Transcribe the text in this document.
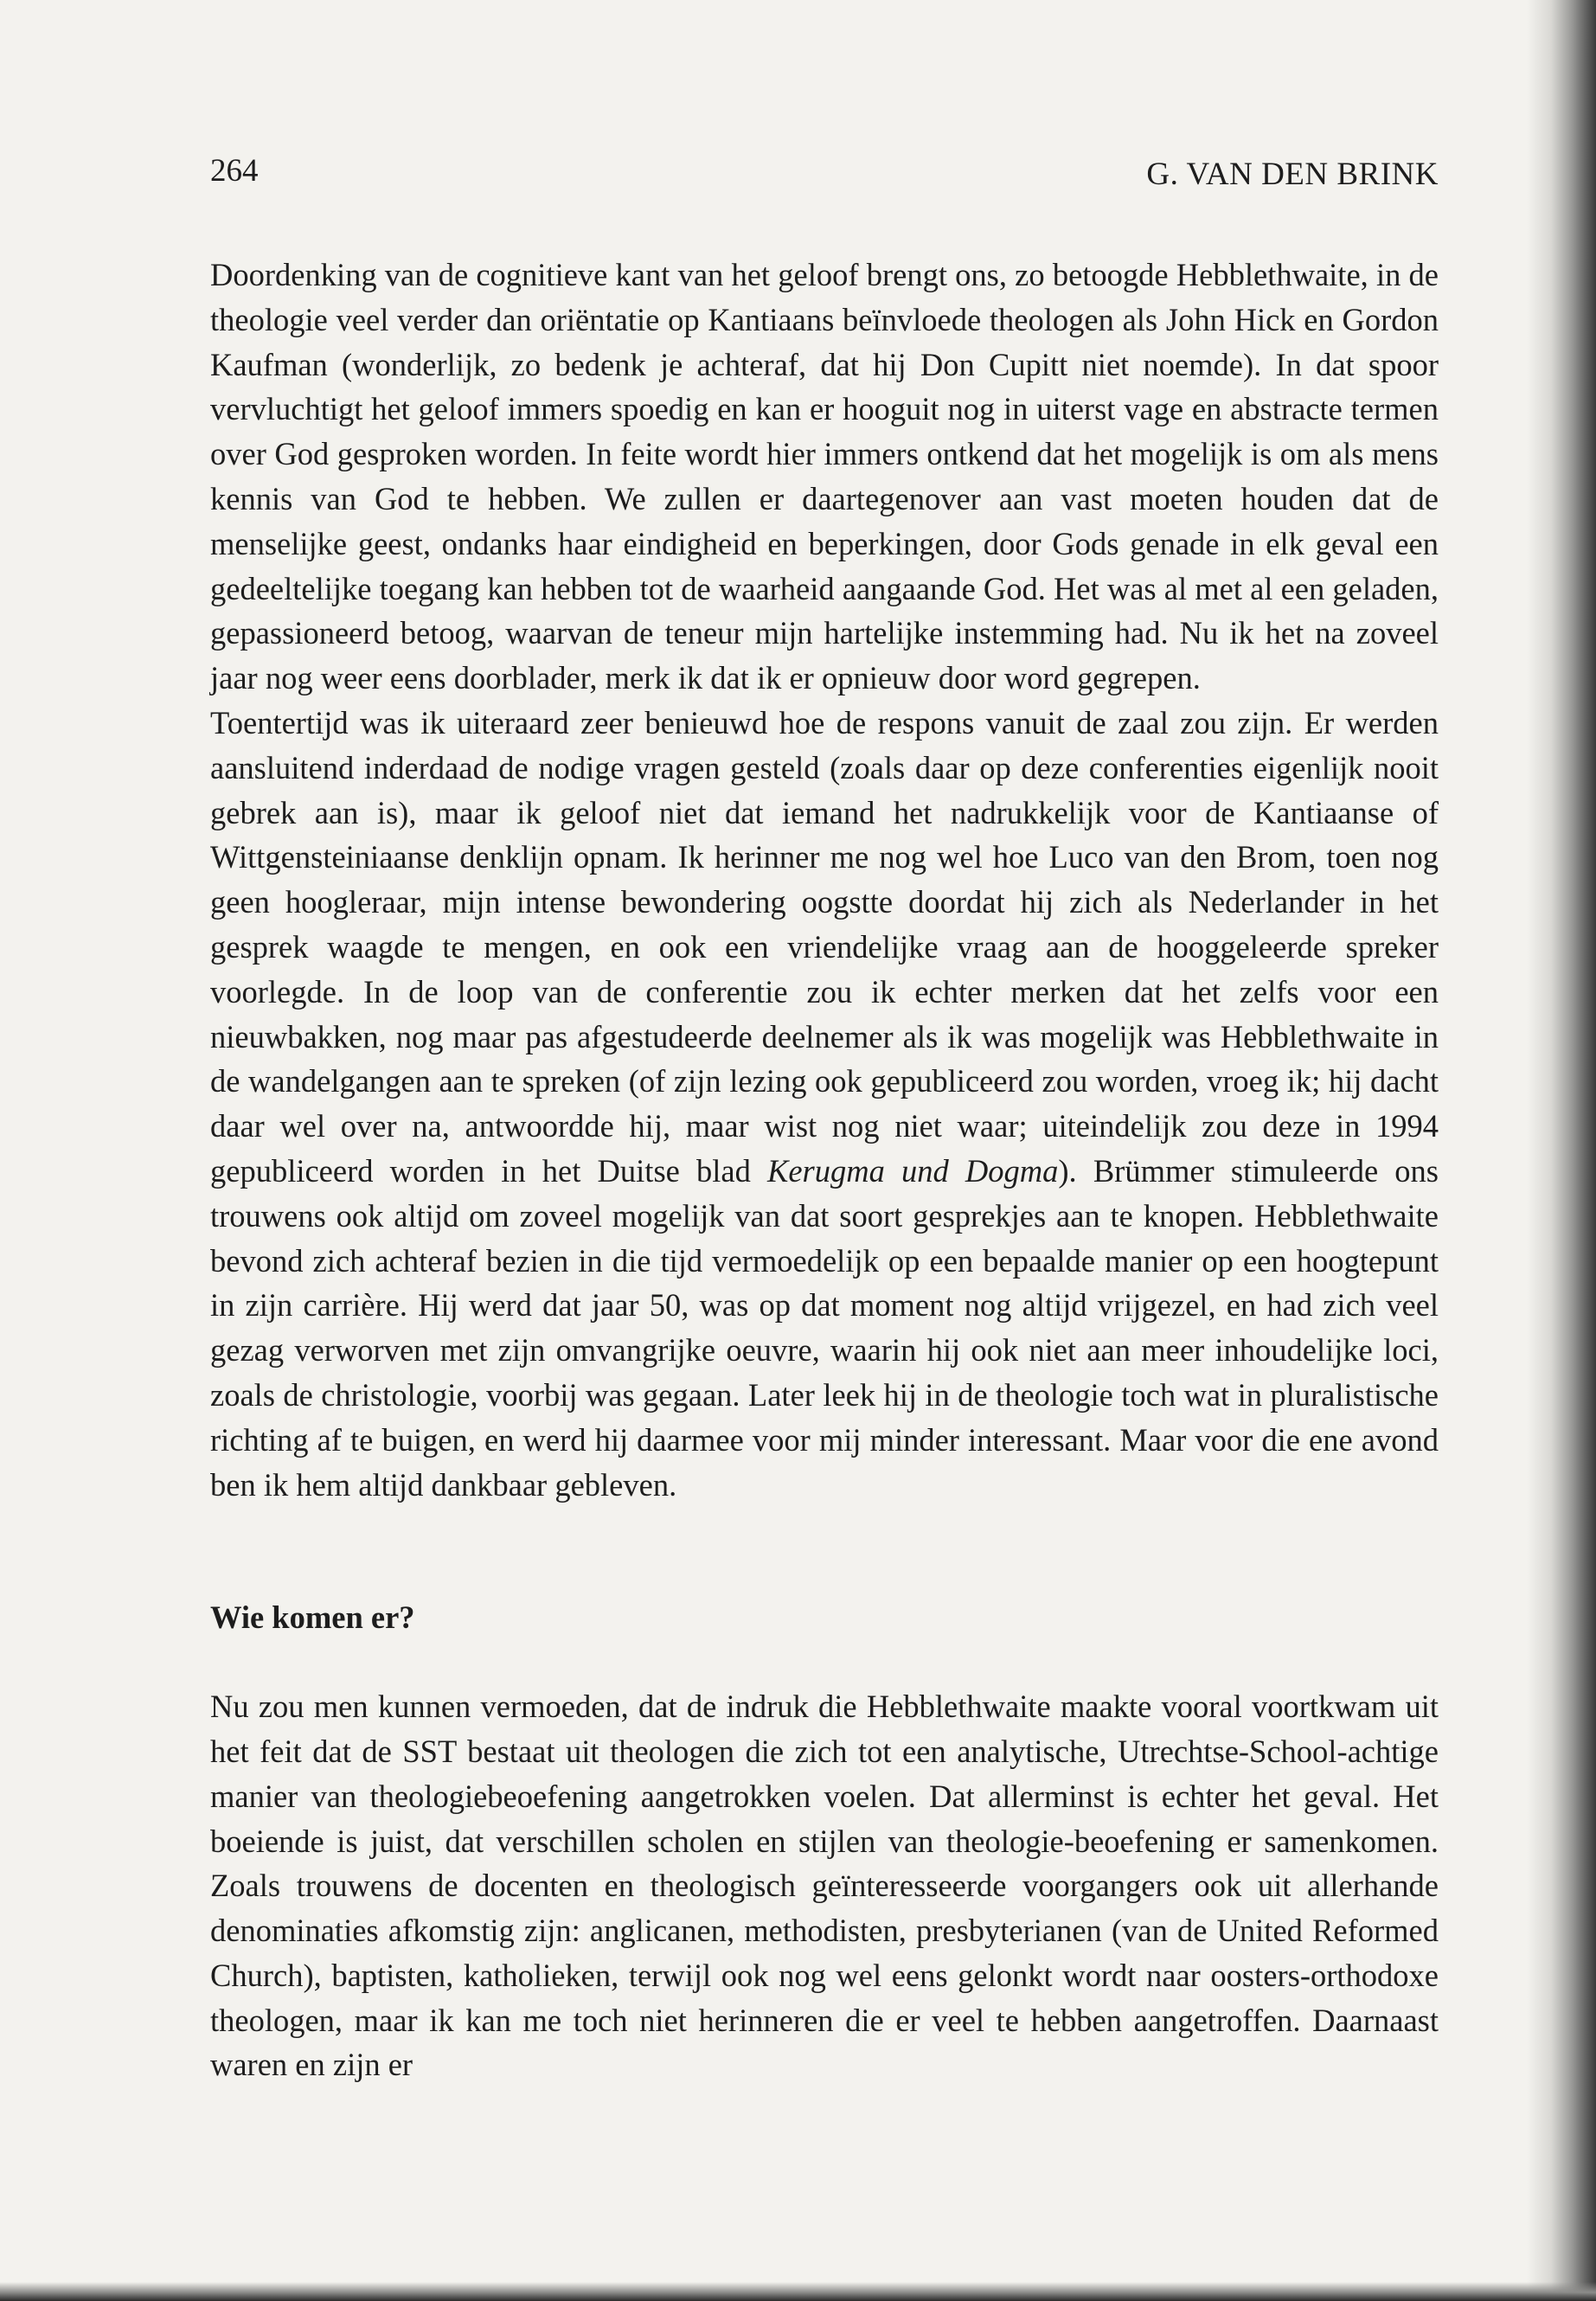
264	G. VAN DEN BRINK

Doordenking van de cognitieve kant van het geloof brengt ons, zo betoogde Hebblethwaite, in de theologie veel verder dan oriëntatie op Kantiaans beïnvloede theologen als John Hick en Gordon Kaufman (wonderlijk, zo bedenk je achteraf, dat hij Don Cupitt niet noemde). In dat spoor vervluchtigt het geloof immers spoedig en kan er hooguit nog in uiterst vage en abstracte termen over God gesproken worden. In feite wordt hier immers ontkend dat het mogelijk is om als mens kennis van God te hebben. We zullen er daartegenover aan vast moeten houden dat de menselijke geest, ondanks haar eindigheid en beperkingen, door Gods genade in elk geval een gedeeltelijke toegang kan hebben tot de waarheid aangaande God. Het was al met al een geladen, gepassioneerd betoog, waarvan de teneur mijn hartelijke instemming had. Nu ik het na zoveel jaar nog weer eens doorblader, merk ik dat ik er opnieuw door word gegrepen.

Toentertijd was ik uiteraard zeer benieuwd hoe de respons vanuit de zaal zou zijn. Er werden aansluitend inderdaad de nodige vragen gesteld (zoals daar op deze conferenties eigenlijk nooit gebrek aan is), maar ik geloof niet dat iemand het nadrukkelijk voor de Kantiaanse of Wittgensteiniaanse denklijn opnam. Ik herinner me nog wel hoe Luco van den Brom, toen nog geen hoogleraar, mijn intense bewondering oogstte doordat hij zich als Nederlander in het gesprek waagde te mengen, en ook een vriendelijke vraag aan de hooggeleerde spreker voorlegde. In de loop van de conferentie zou ik echter merken dat het zelfs voor een nieuwbakken, nog maar pas afgestudeerde deelnemer als ik was mogelijk was Hebblethwaite in de wandelgangen aan te spreken (of zijn lezing ook gepubliceerd zou worden, vroeg ik; hij dacht daar wel over na, antwoordde hij, maar wist nog niet waar; uiteindelijk zou deze in 1994 gepubliceerd worden in het Duitse blad Kerugma und Dogma). Brümmer stimuleerde ons trouwens ook altijd om zoveel mogelijk van dat soort gesprekjes aan te knopen. Hebblethwaite bevond zich achteraf bezien in die tijd vermoedelijk op een bepaalde manier op een hoogtepunt in zijn carrière. Hij werd dat jaar 50, was op dat moment nog altijd vrijgezel, en had zich veel gezag verworven met zijn omvangrijke oeuvre, waarin hij ook niet aan meer inhoudelijke loci, zoals de christologie, voorbij was gegaan. Later leek hij in de theologie toch wat in pluralistische richting af te buigen, en werd hij daarmee voor mij minder interessant. Maar voor die ene avond ben ik hem altijd dankbaar gebleven.

Wie komen er?

Nu zou men kunnen vermoeden, dat de indruk die Hebblethwaite maakte vooral voortkwam uit het feit dat de SST bestaat uit theologen die zich tot een analytische, Utrechtse-School-achtige manier van theologiebeoefening aangetrokken voelen. Dat allerminst is echter het geval. Het boeiende is juist, dat verschillen scholen en stijlen van theologie-beoefening er samenkomen. Zoals trouwens de docenten en theologisch geïnteresseerde voorgangers ook uit allerhande denominaties afkomstig zijn: anglicanen, methodisten, presbyterianen (van de United Reformed Church), baptisten, katholieken, terwijl ook nog wel eens gelonkt wordt naar oosters-orthodoxe theologen, maar ik kan me toch niet herinneren die er veel te hebben aangetroffen. Daarnaast waren en zijn er
